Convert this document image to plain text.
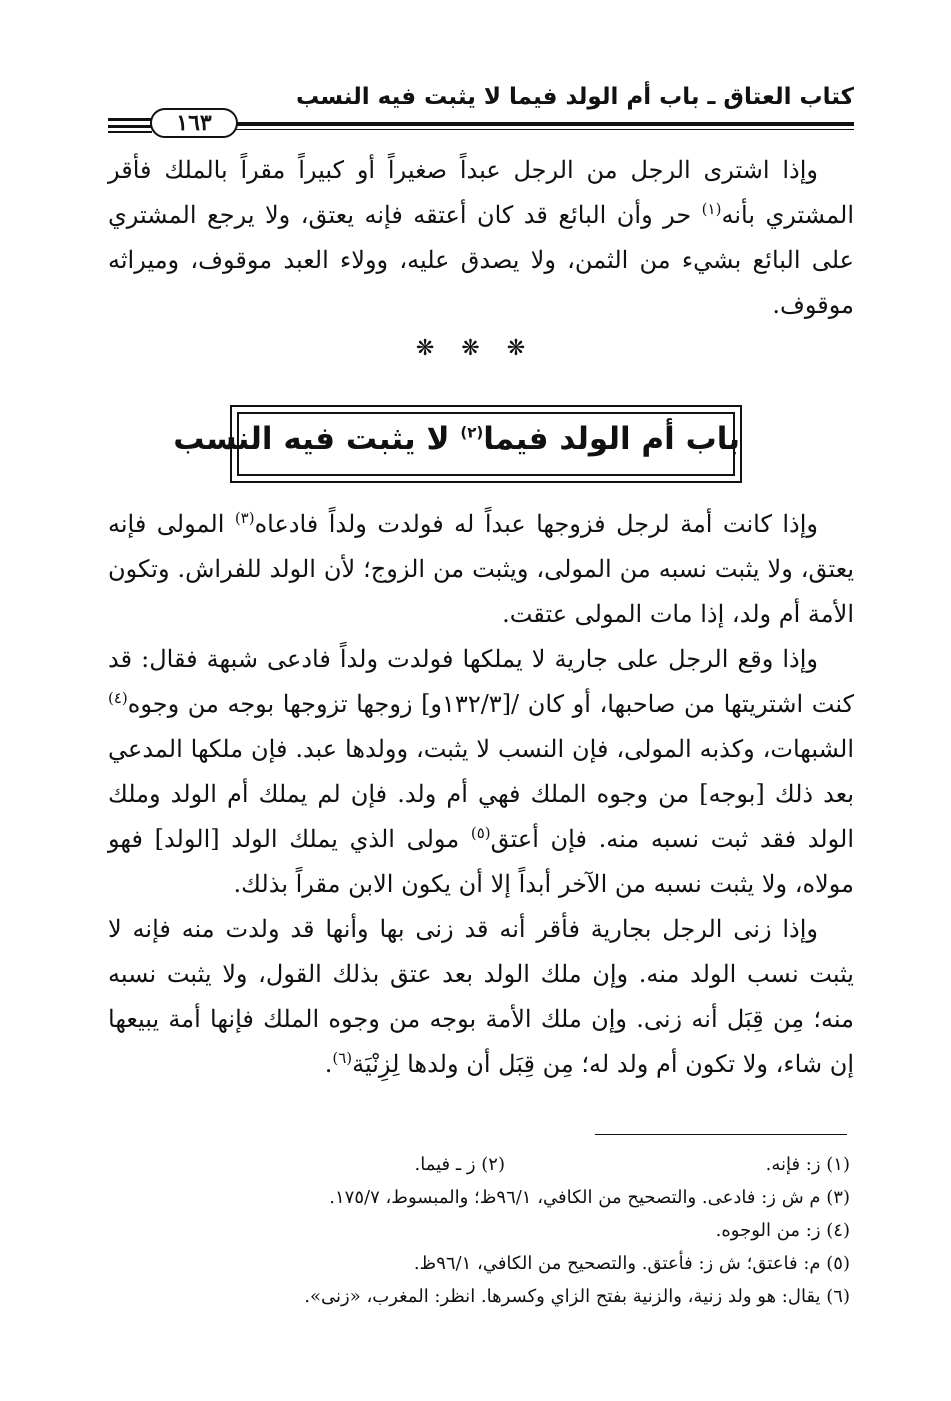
كتاب العتاق ـ باب أم الولد فيما لا يثبت فيه النسب
١٦٣

وإذا اشترى الرجل من الرجل عبداً صغيراً أو كبيراً مقراً بالملك فأقر المشتري بأنه$^{(١)}$ حر وأن البائع قد كان أعتقه فإنه يعتق، ولا يرجع المشتري على البائع بشيء من الثمن، ولا يصدق عليه، وولاء العبد موقوف، وميراثه موقوف.

❋ ❋ ❋
باب أم الولد فيما$^{(٢)}$ لا يثبت فيه النسب

وإذا كانت أمة لرجل فزوجها عبداً له فولدت ولداً فادعاه$^{(٣)}$ المولى فإنه يعتق، ولا يثبت نسبه من المولى، ويثبت من الزوج؛ لأن الولد للفراش. وتكون الأمة أم ولد، إذا مات المولى عتقت.

وإذا وقع الرجل على جارية لا يملكها فولدت ولداً فادعى شبهة فقال: قد كنت اشتريتها من صاحبها، أو كان /[١٣٢/٣و] زوجها تزوجها بوجه من وجوه$^{(٤)}$ الشبهات، وكذبه المولى، فإن النسب لا يثبت، وولدها عبد. فإن ملكها المدعي بعد ذلك [بوجه] من وجوه الملك فهي أم ولد. فإن لم يملك أم الولد وملك الولد فقد ثبت نسبه منه. فإن أعتق$^{(٥)}$ مولى الذي يملك الولد [الولد] فهو مولاه، ولا يثبت نسبه من الآخر أبداً إلا أن يكون الابن مقراً بذلك.

وإذا زنى الرجل بجارية فأقر أنه قد زنى بها وأنها قد ولدت منه فإنه لا يثبت نسب الولد منه. وإن ملك الولد بعد عتق بذلك القول، ولا يثبت نسبه منه؛ مِن قِبَل أنه زنى. وإن ملك الأمة بوجه من وجوه الملك فإنها أمة يبيعها إن شاء، ولا تكون أم ولد له؛ مِن قِبَل أن ولدها لِزِنْيَة$^{(٦)}$.

(١) ز: فإنه.
(٢) ز ـ فيما.
(٣) م ش ز: فادعى. والتصحيح من الكافي، ٩٦/١ظ؛ والمبسوط، ١٧٥/٧.
(٤) ز: من الوجوه.
(٥) م: فاعتق؛ ش ز: فأعتق. والتصحيح من الكافي، ٩٦/١ظ.
(٦) يقال: هو ولد زنية، والزنية بفتح الزاي وكسرها. انظر: المغرب، «زنى».
